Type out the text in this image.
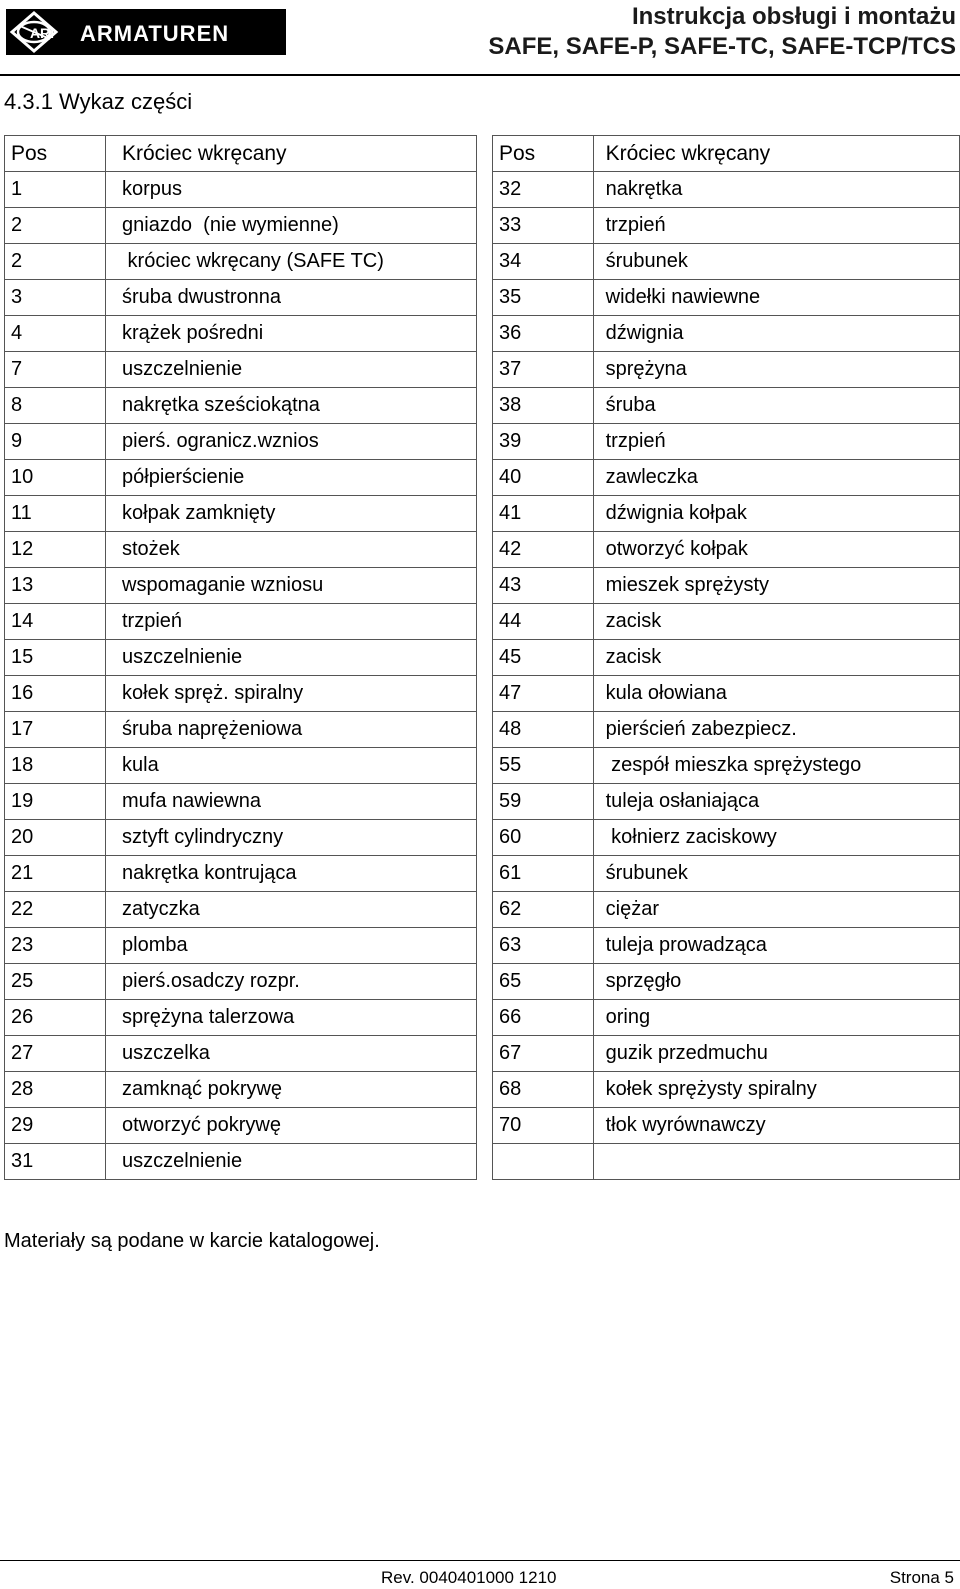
ARI ARMATUREN
Instrukcja obsługi i montażu
SAFE, SAFE-P, SAFE-TC, SAFE-TCP/TCS
4.3.1 Wykaz części
Pos	Króciec wkręcany
1	korpus
2	gniazdo  (nie wymienne)
2	króciec wkręcany (SAFE TC)
3	śruba dwustronna
4	krążek pośredni
7	uszczelnienie
8	nakrętka sześciokątna
9	pierś. ogranicz.wznios
10	półpierścienie
11	kołpak zamknięty
12	stożek
13	wspomaganie wzniosu
14	trzpień
15	uszczelnienie
16	kołek spręż. spiralny
17	śruba naprężeniowa
18	kula
19	mufa nawiewna
20	sztyft cylindryczny
21	nakrętka kontrująca
22	zatyczka
23	plomba
25	pierś.osadczy rozpr.
26	sprężyna talerzowa
27	uszczelka
28	zamknąć pokrywę
29	otworzyć pokrywę
31	uszczelnienie
Pos	Króciec wkręcany
32	nakrętka
33	trzpień
34	śrubunek
35	widełki nawiewne
36	dźwignia
37	sprężyna
38	śruba
39	trzpień
40	zawleczka
41	dźwignia kołpak
42	otworzyć kołpak
43	mieszek sprężysty
44	zacisk
45	zacisk
47	kula ołowiana
48	pierścień zabezpiecz.
55	zespół mieszka sprężystego
59	tuleja osłaniająca
60	kołnierz zaciskowy
61	śrubunek
62	ciężar
63	tuleja prowadząca
65	sprzęgło
66	oring
67	guzik przedmuchu
68	kołek sprężysty spiralny
70	tłok wyrównawczy

Materiały są podane w karcie katalogowej.
Rev. 0040401000 1210	Strona 5
